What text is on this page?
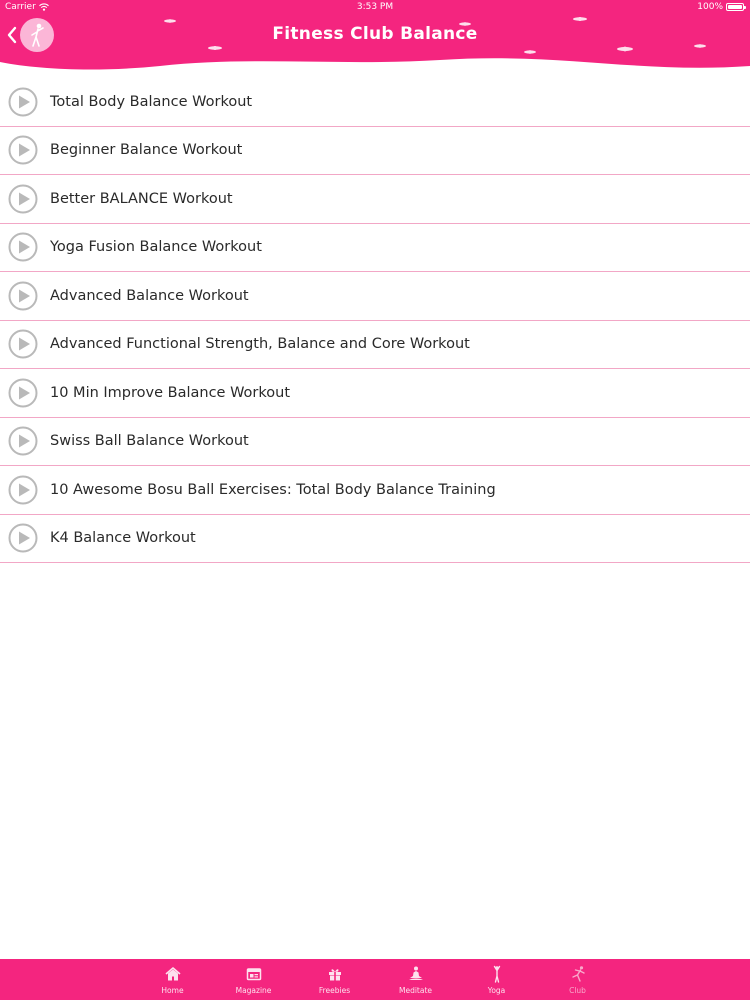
Carrier	3:53 PM	100%
Fitness Club Balance
Total Body Balance Workout
Beginner Balance Workout
Better BALANCE Workout
Yoga Fusion Balance Workout
Advanced Balance Workout
Advanced Functional Strength, Balance and Core Workout
10 Min Improve Balance Workout
Swiss Ball Balance Workout
10 Awesome Bosu Ball Exercises: Total Body Balance Training
K4 Balance Workout
Home	Magazine	Freebies	Meditate	Yoga	Club
